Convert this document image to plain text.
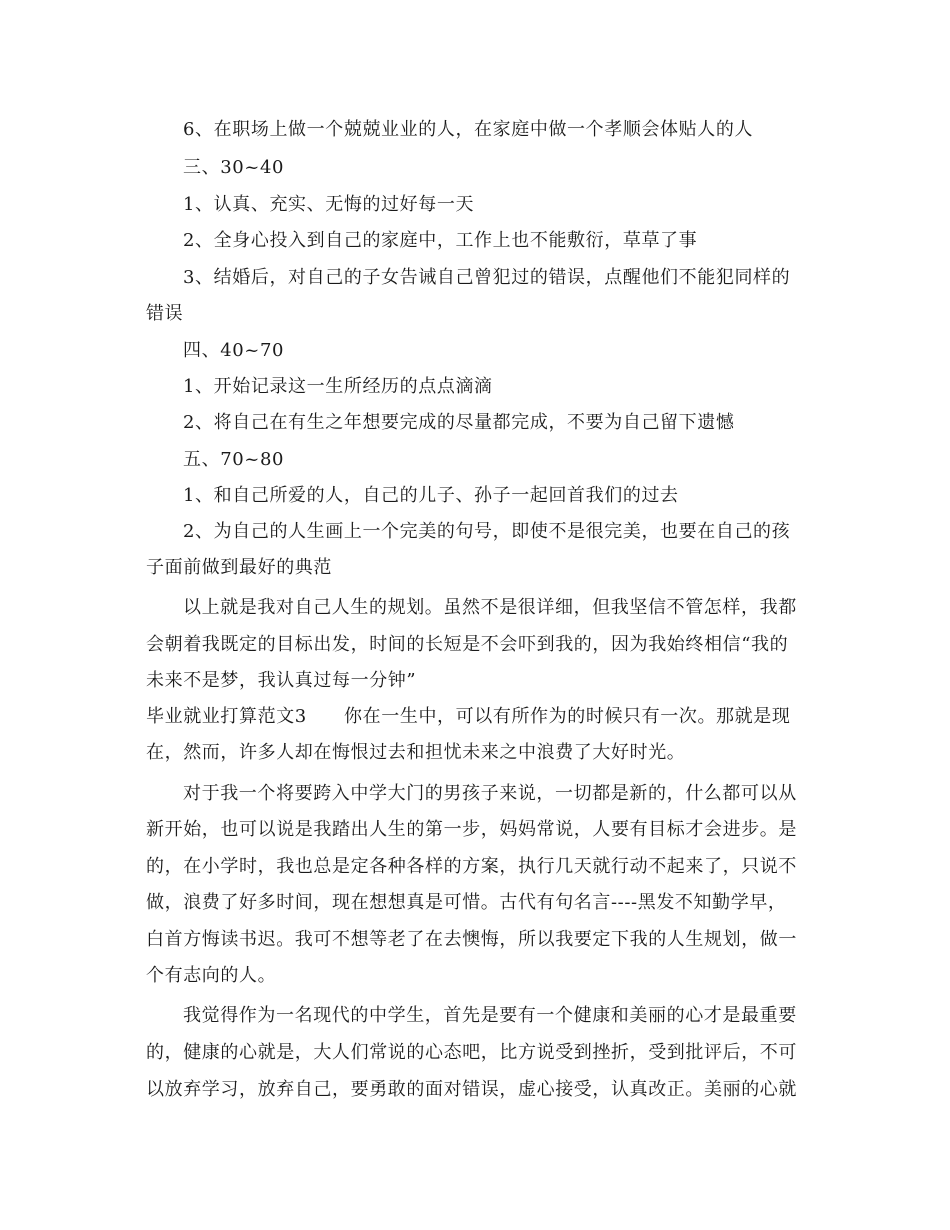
6、在职场上做一个兢兢业业的人，在家庭中做一个孝顺会体贴人的人
三、30~40
1、认真、充实、无悔的过好每一天
2、全身心投入到自己的家庭中，工作上也不能敷衍，草草了事
3、结婚后，对自己的子女告诫自己曾犯过的错误，点醒他们不能犯同样的
错误
四、40~70
1、开始记录这一生所经历的点点滴滴
2、将自己在有生之年想要完成的尽量都完成，不要为自己留下遗憾
五、70~80
1、和自己所爱的人，自己的儿子、孙子一起回首我们的过去
2、为自己的人生画上一个完美的句号，即使不是很完美，也要在自己的孩
子面前做到最好的典范
以上就是我对自己人生的规划。虽然不是很详细，但我坚信不管怎样，我都
会朝着我既定的目标出发，时间的长短是不会吓到我的，因为我始终相信“我的
未来不是梦，我认真过每一分钟”
毕业就业打算范文3　　你在一生中，可以有所作为的时候只有一次。那就是现
在，然而，许多人却在悔恨过去和担忧未来之中浪费了大好时光。
对于我一个将要跨入中学大门的男孩子来说，一切都是新的，什么都可以从
新开始，也可以说是我踏出人生的第一步，妈妈常说，人要有目标才会进步。是
的，在小学时，我也总是定各种各样的方案，执行几天就行动不起来了，只说不
做，浪费了好多时间，现在想想真是可惜。古代有句名言----黑发不知勤学早，
白首方悔读书迟。我可不想等老了在去懊悔，所以我要定下我的人生规划，做一
个有志向的人。
我觉得作为一名现代的中学生，首先是要有一个健康和美丽的心才是最重要
的，健康的心就是，大人们常说的心态吧，比方说受到挫折，受到批评后，不可
以放弃学习，放弃自己，要勇敢的面对错误，虚心接受，认真改正。美丽的心就
